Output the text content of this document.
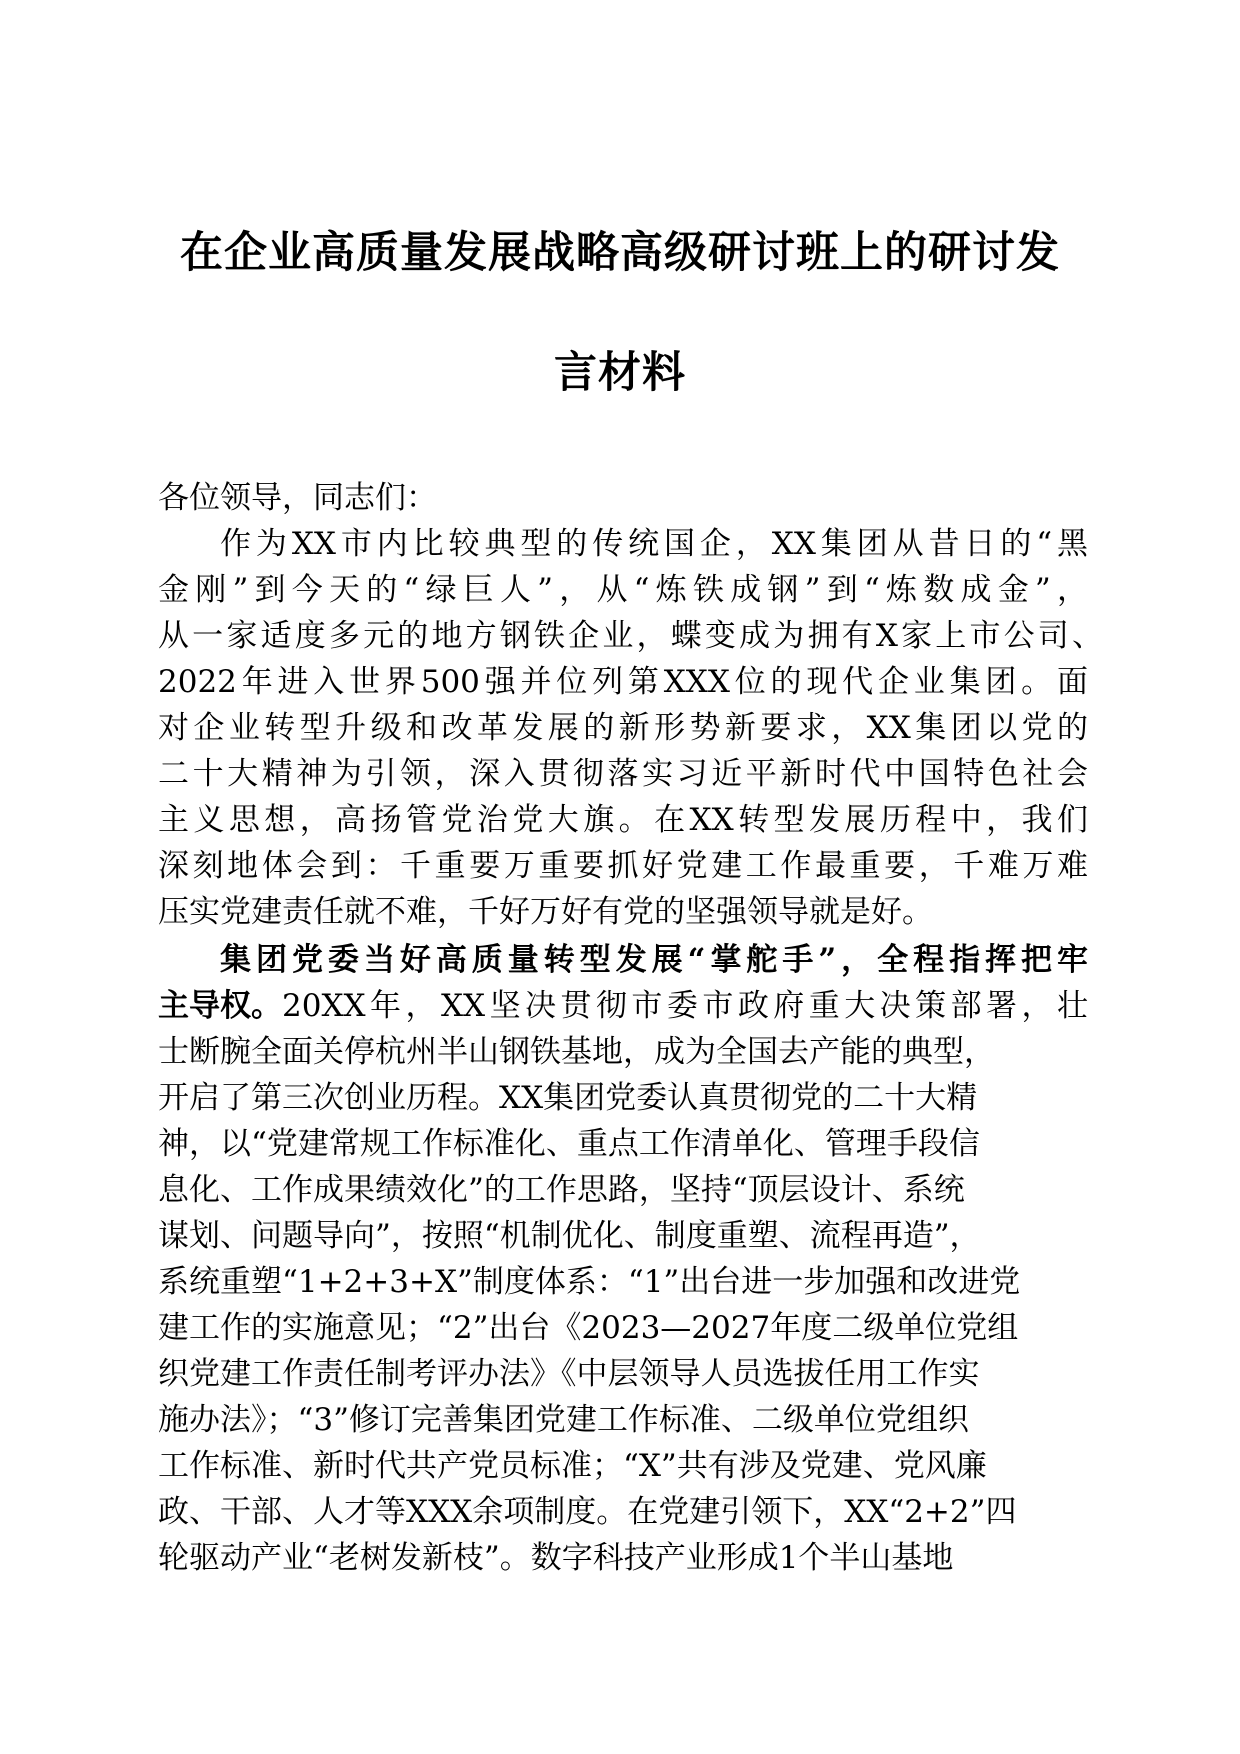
在企业高质量发展战略高级研讨班上的研讨发
言材料
各位领导，同志们：
作为XX市内比较典型的传统国企，XX集团从昔日的“黑
金刚”到今天的“绿巨人”，从“炼铁成钢”到“炼数成金”，
从一家适度多元的地方钢铁企业，蝶变成为拥有X家上市公司、
2022年进入世界500强并位列第XXX位的现代企业集团。面
对企业转型升级和改革发展的新形势新要求，XX集团以党的
二十大精神为引领，深入贯彻落实习近平新时代中国特色社会
主义思想，高扬管党治党大旗。在XX转型发展历程中，我们
深刻地体会到：千重要万重要抓好党建工作最重要，千难万难
压实党建责任就不难，千好万好有党的坚强领导就是好。
集团党委当好高质量转型发展“掌舵手”，全程指挥把牢
主导权。 20XX年，XX坚决贯彻市委市政府重大决策部署，壮
士断腕全面关停杭州半山钢铁基地，成为全国去产能的典型，
开启了第三次创业历程。XX集团党委认真贯彻党的二十大精
神，以“党建常规工作标准化、重点工作清单化、管理手段信
息化、工作成果绩效化”的工作思路，坚持“顶层设计、系统
谋划、问题导向”，按照“机制优化、制度重塑、流程再造”，
系统重塑“1+2+3+X”制度体系：“1”出台进一步加强和改进党
建工作的实施意见；“2”出台《2023—2027年度二级单位党组
织党建工作责任制考评办法》《中层领导人员选拔任用工作实
施办法》；“3”修订完善集团党建工作标准、二级单位党组织
工作标准、新时代共产党员标准；“X”共有涉及党建、党风廉
政、干部、人才等XXX余项制度。在党建引领下，XX“2+2”四
轮驱动产业“老树发新枝”。数字科技产业形成1个半山基地
